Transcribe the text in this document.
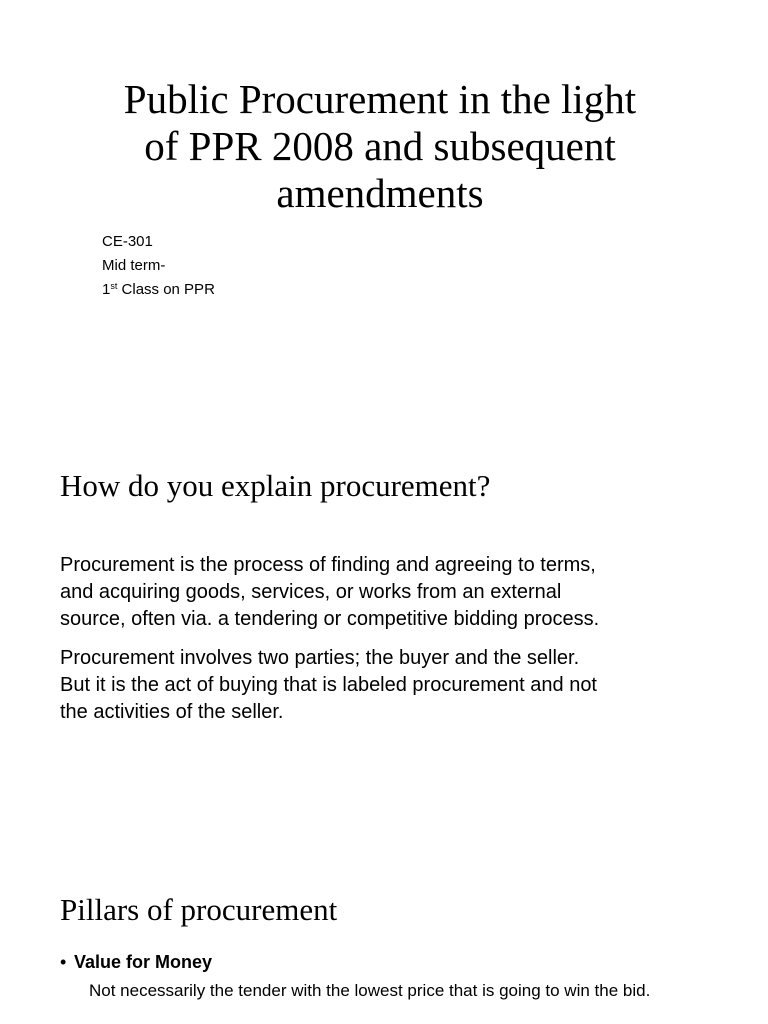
Public Procurement in the light
of PPR 2008 and subsequent
amendments
CE-301
Mid term-
1st Class on PPR
How do you explain procurement?
Procurement is the process of finding and agreeing to terms,
and acquiring goods, services, or works from an external
source, often via. a tendering or competitive bidding process.
Procurement involves two parties; the buyer and the seller.
But it is the act of buying that is labeled procurement and not
the activities of the seller.
Pillars of procurement
• Value for Money
Not necessarily the tender with the lowest price that is going to win the bid.
